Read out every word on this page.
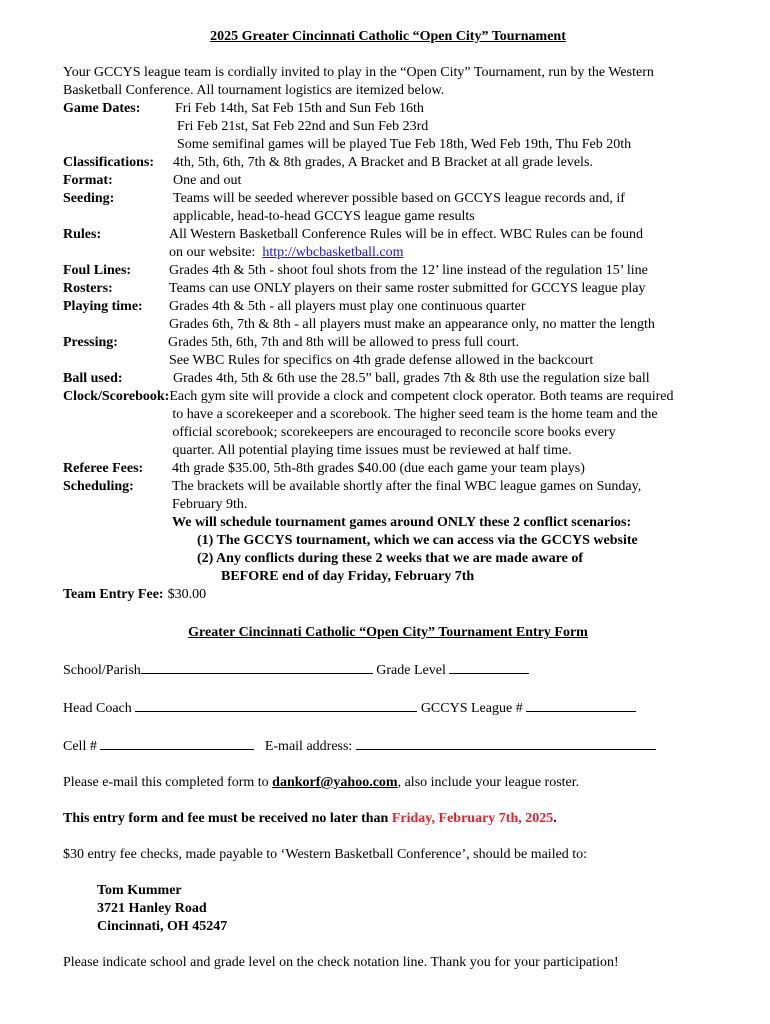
2025 Greater Cincinnati Catholic “Open City” Tournament
Your GCCYS league team is cordially invited to play in the “Open City” Tournament, run by the Western
Basketball Conference. All tournament logistics are itemized below.
Game Dates:	Fri Feb 14th, Sat Feb 15th and Sun Feb 16th
Fri Feb 21st, Sat Feb 22nd and Sun Feb 23rd
Some semifinal games will be played Tue Feb 18th, Wed Feb 19th, Thu Feb 20th
Classifications:	4th, 5th, 6th, 7th & 8th grades, A Bracket and B Bracket at all grade levels.
Format:	One and out
Seeding:	Teams will be seeded wherever possible based on GCCYS league records and, if
applicable, head-to-head GCCYS league game results
Rules:	All Western Basketball Conference Rules will be in effect. WBC Rules can be found
on our website:  http://wbcbasketball.com
Foul Lines:	Grades 4th & 5th - shoot foul shots from the 12’ line instead of the regulation 15’ line
Rosters:	Teams can use ONLY players on their same roster submitted for GCCYS league play
Playing time:	Grades 4th & 5th - all players must play one continuous quarter
Grades 6th, 7th & 8th - all players must make an appearance only, no matter the length
Pressing:	Grades 5th, 6th, 7th and 8th will be allowed to press full court.
See WBC Rules for specifics on 4th grade defense allowed in the backcourt
Ball used:	Grades 4th, 5th & 6th use the 28.5” ball, grades 7th & 8th use the regulation size ball
Clock/Scorebook: Each gym site will provide a clock and competent clock operator. Both teams are required
to have a scorekeeper and a scorebook. The higher seed team is the home team and the
official scorebook; scorekeepers are encouraged to reconcile score books every
quarter. All potential playing time issues must be reviewed at half time.
Referee Fees:	4th grade $35.00, 5th-8th grades $40.00 (due each game your team plays)
Scheduling:	The brackets will be available shortly after the final WBC league games on Sunday,
February 9th.
We will schedule tournament games around ONLY these 2 conflict scenarios:
(1) The GCCYS tournament, which we can access via the GCCYS website
(2) Any conflicts during these 2 weeks that we are made aware of
BEFORE end of day Friday, February 7th
Team Entry Fee: $30.00
Greater Cincinnati Catholic “Open City” Tournament Entry Form
School/Parish	Grade Level
Head Coach	GCCYS League #
Cell #	E-mail address:
Please e-mail this completed form to dankorf@yahoo.com, also include your league roster.
This entry form and fee must be received no later than Friday, February 7th, 2025.
$30 entry fee checks, made payable to ‘Western Basketball Conference’, should be mailed to:
Tom Kummer
3721 Hanley Road
Cincinnati, OH 45247
Please indicate school and grade level on the check notation line. Thank you for your participation!
